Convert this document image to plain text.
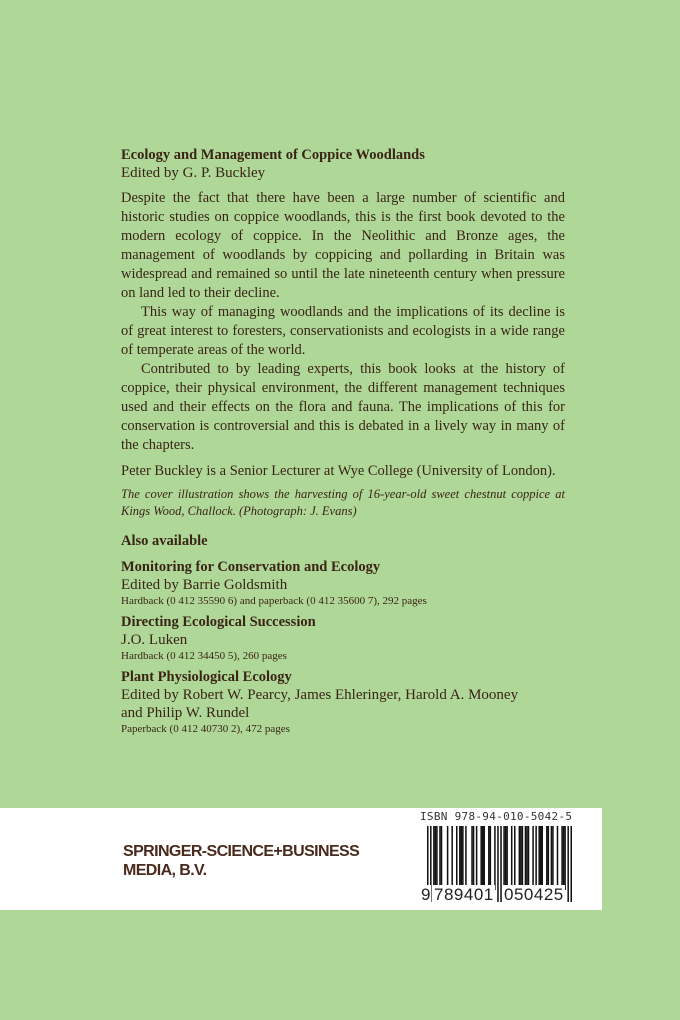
Ecology and Management of Coppice Woodlands
Edited by G. P. Buckley

Despite the fact that there have been a large number of scientific and historic studies on coppice woodlands, this is the first book devoted to the modern ecology of coppice. In the Neolithic and Bronze ages, the management of woodlands by coppicing and pollarding in Britain was widespread and remained so until the late nineteenth century when pressure on land led to their decline.

This way of managing woodlands and the implications of its decline is of great interest to foresters, conservationists and ecologists in a wide range of temperate areas of the world.

Contributed to by leading experts, this book looks at the history of coppice, their physical environment, the different management techniques used and their effects on the flora and fauna. The implications of this for conservation is controversial and this is debated in a lively way in many of the chapters.

Peter Buckley is a Senior Lecturer at Wye College (University of London).

The cover illustration shows the harvesting of 16-year-old sweet chestnut coppice at Kings Wood, Challock. (Photograph: J. Evans)
Also available
Monitoring for Conservation and Ecology
Edited by Barrie Goldsmith
Hardback (0 412 35590 6) and paperback (0 412 35600 7), 292 pages
Directing Ecological Succession
J.O. Luken
Hardback (0 412 34450 5), 260 pages
Plant Physiological Ecology
Edited by Robert W. Pearcy, James Ehleringer, Harold A. Mooney and Philip W. Rundel
Paperback (0 412 40730 2), 472 pages
SPRINGER-SCIENCE+BUSINESS
MEDIA, B.V.
ISBN 978-94-010-5042-5
9 789401 050425
